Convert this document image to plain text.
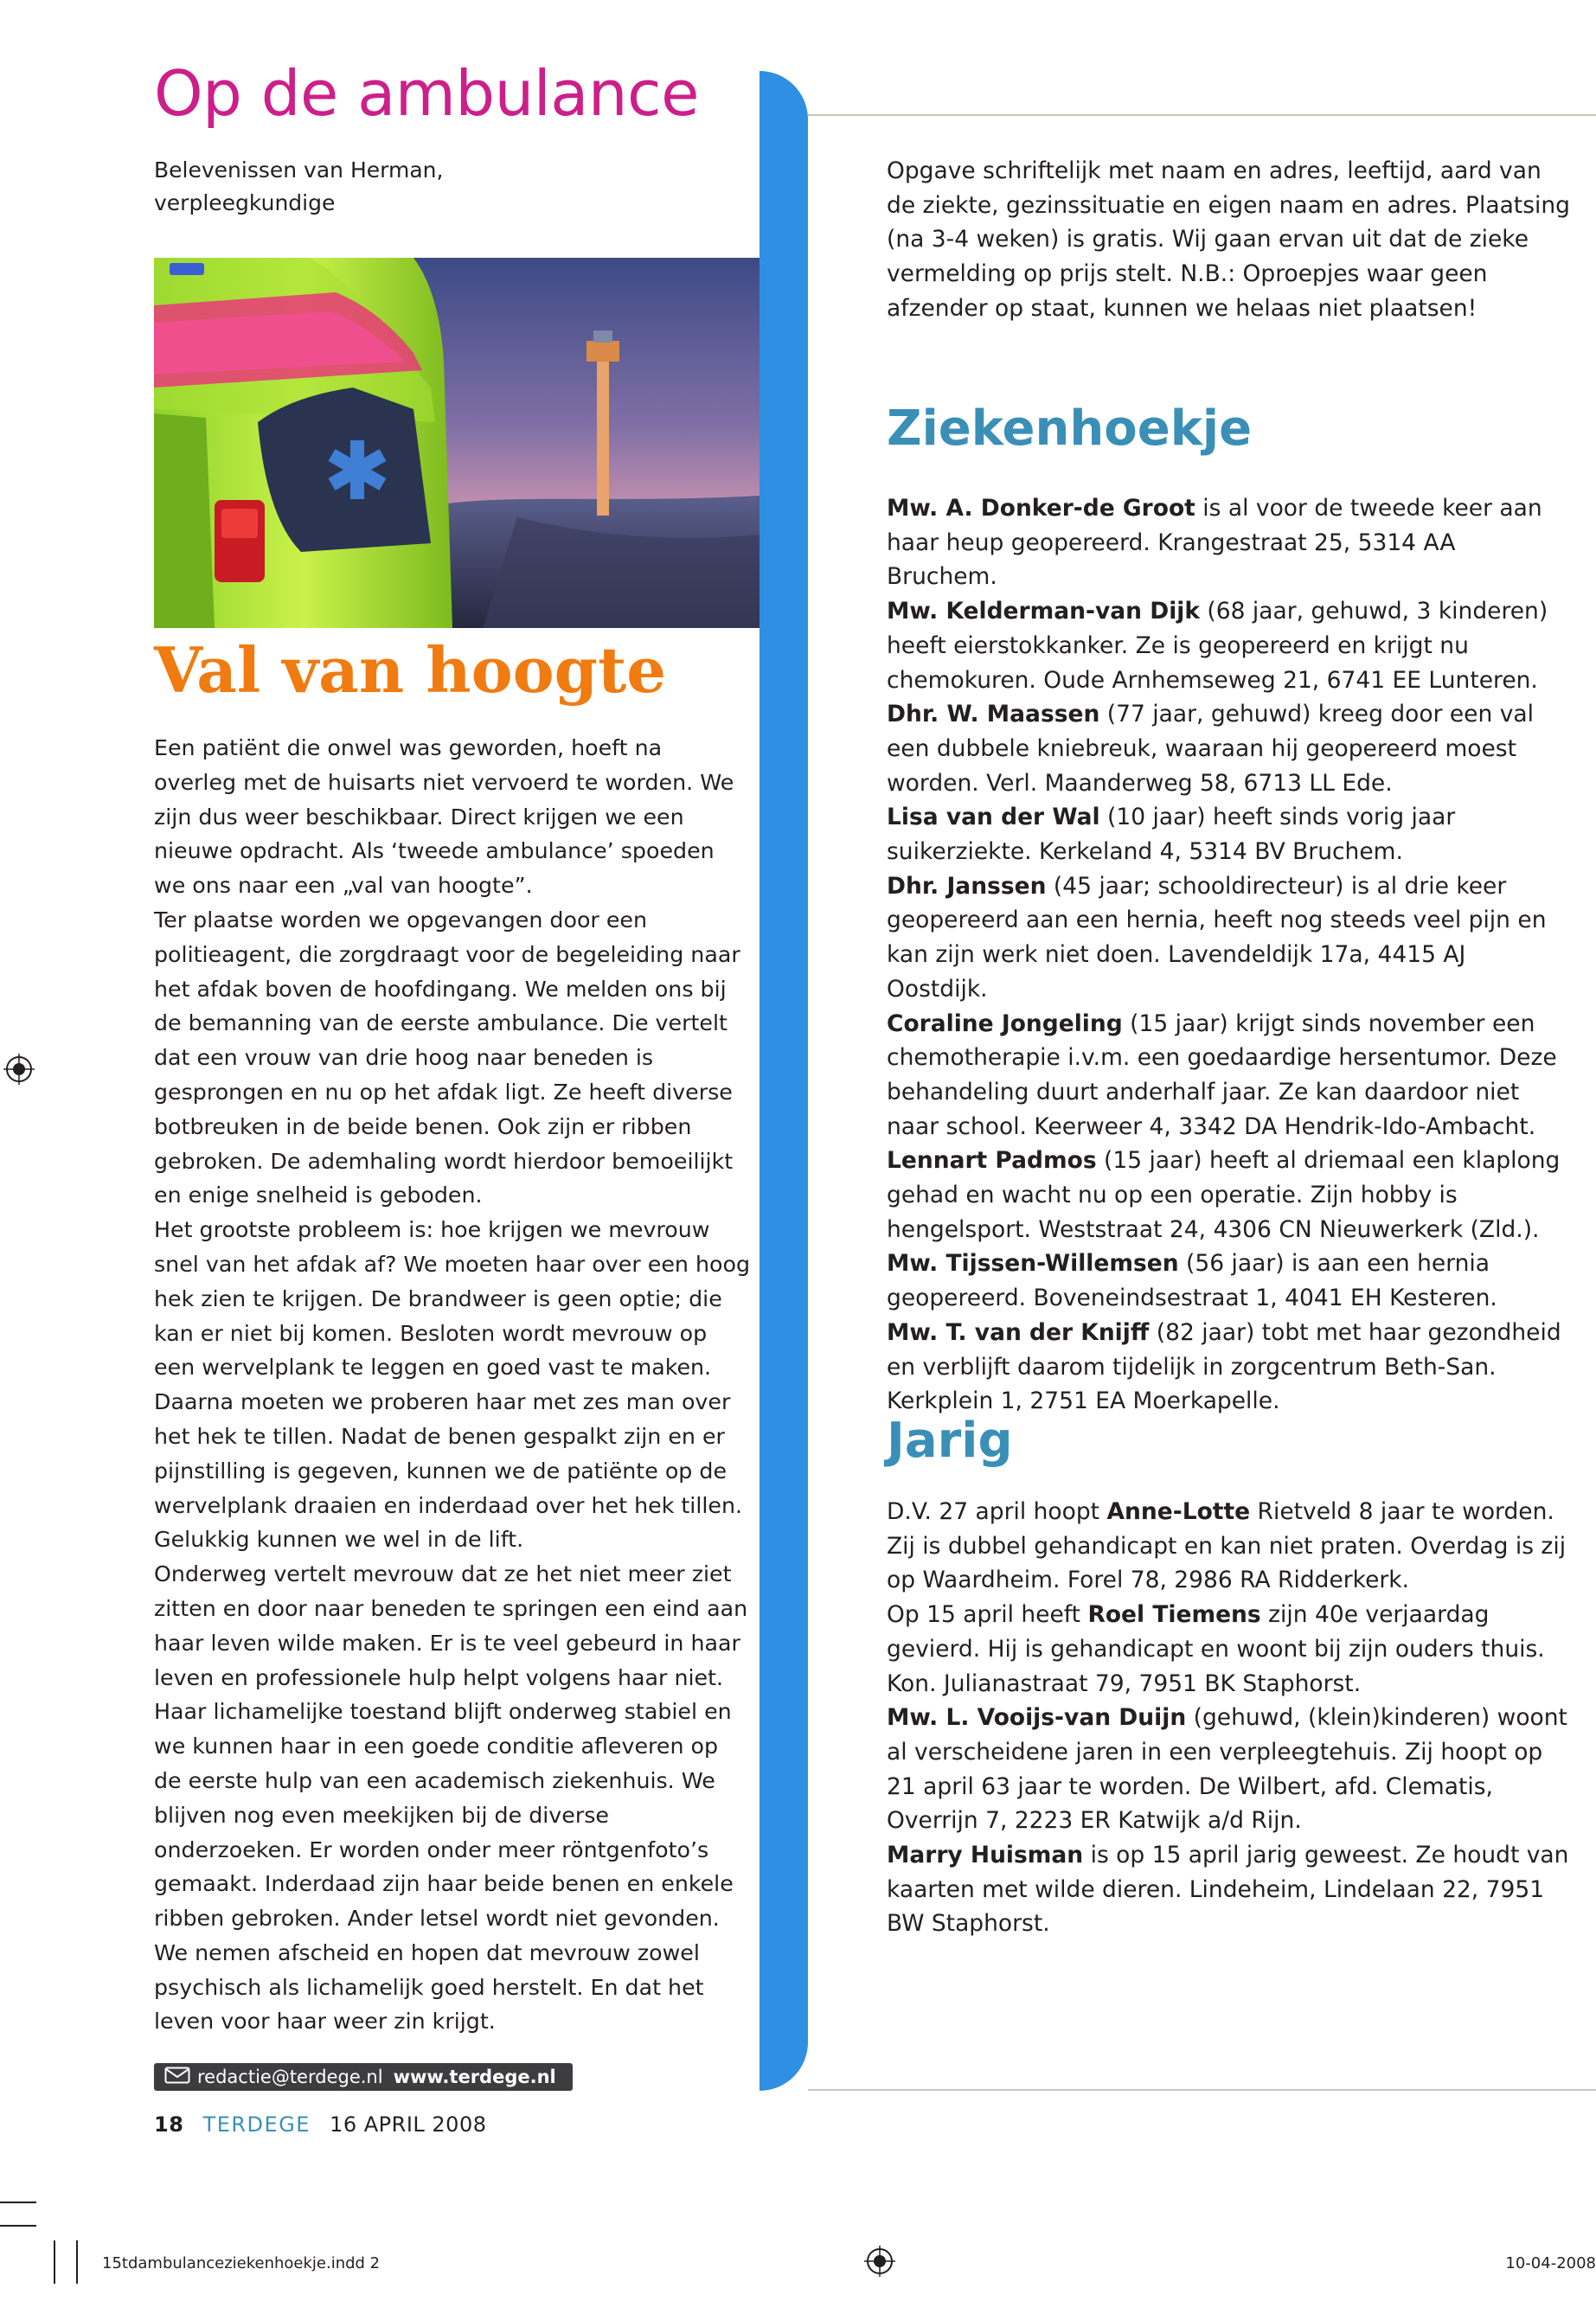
Op de ambulance
Belevenissen van Herman,
verpleegkundige
Val van hoogte

Een patiënt die onwel was geworden, hoeft na overleg met de huisarts niet vervoerd te worden. We zijn dus weer beschikbaar. Direct krijgen we een nieuwe opdracht. Als ‘tweede ambulance’ spoeden we ons naar een „val van hoogte”.

Ter plaatse worden we opgevangen door een politieagent, die zorgdraagt voor de begeleiding naar het afdak boven de hoofdingang. We melden ons bij de bemanning van de eerste ambulance. Die vertelt dat een vrouw van drie hoog naar beneden is gesprongen en nu op het afdak ligt. Ze heeft diverse botbreuken in de beide benen. Ook zijn er ribben gebroken. De ademhaling wordt hierdoor bemoeilijkt en enige snelheid is geboden.

Het grootste probleem is: hoe krijgen we mevrouw snel van het afdak af? We moeten haar over een hoog hek zien te krijgen. De brandweer is geen optie; die kan er niet bij komen. Besloten wordt mevrouw op een wervelplank te leggen en goed vast te maken. Daarna moeten we proberen haar met zes man over het hek te tillen. Nadat de benen gespalkt zijn en er pijnstilling is gegeven, kunnen we de patiënte op de wervelplank draaien en inderdaad over het hek tillen. Gelukkig kunnen we wel in de lift.

Onderweg vertelt mevrouw dat ze het niet meer ziet zitten en door naar beneden te springen een eind aan haar leven wilde maken. Er is te veel gebeurd in haar leven en professionele hulp helpt volgens haar niet. Haar lichamelijke toestand blijft onderweg stabiel en we kunnen haar in een goede conditie afleveren op de eerste hulp van een academisch ziekenhuis. We blijven nog even meekijken bij de diverse onderzoeken. Er worden onder meer röntgenfoto’s gemaakt. Inderdaad zijn haar beide benen en enkele ribben gebroken. Ander letsel wordt niet gevonden. We nemen afscheid en hopen dat mevrouw zowel psychisch als lichamelijk goed herstelt. En dat het leven voor haar weer zin krijgt.

redactie@terdege.nl www.terdege.nl
18 TERDEGE 16 APRIL 2008
Opgave schriftelijk met naam en adres, leeftijd, aard van de ziekte, gezinssituatie en eigen naam en adres. Plaatsing (na 3-4 weken) is gratis. Wij gaan ervan uit dat de zieke vermelding op prijs stelt. N.B.: Oproepjes waar geen afzender op staat, kunnen we helaas niet plaatsen!
Ziekenhoekje

Mw. A. Donker-de Groot is al voor de tweede keer aan haar heup geopereerd. Krangestraat 25, 5314 AA Bruchem.

Mw. Kelderman-van Dijk (68 jaar, gehuwd, 3 kinderen) heeft eierstokkanker. Ze is geopereerd en krijgt nu chemokuren. Oude Arnhemseweg 21, 6741 EE Lunteren.

Dhr. W. Maassen (77 jaar, gehuwd) kreeg door een val een dubbele kniebreuk, waaraan hij geopereerd moest worden. Verl. Maanderweg 58, 6713 LL Ede.

Lisa van der Wal (10 jaar) heeft sinds vorig jaar suikerziekte. Kerkeland 4, 5314 BV Bruchem.

Dhr. Janssen (45 jaar; schooldirecteur) is al drie keer geopereerd aan een hernia, heeft nog steeds veel pijn en kan zijn werk niet doen. Lavendeldijk 17a, 4415 AJ Oostdijk.

Coraline Jongeling (15 jaar) krijgt sinds november een chemotherapie i.v.m. een goedaardige hersentumor. Deze behandeling duurt anderhalf jaar. Ze kan daardoor niet naar school. Keerweer 4, 3342 DA Hendrik-Ido-Ambacht.

Lennart Padmos (15 jaar) heeft al driemaal een klaplong gehad en wacht nu op een operatie. Zijn hobby is hengelsport. Weststraat 24, 4306 CN Nieuwerkerk (Zld.).

Mw. Tijssen-Willemsen (56 jaar) is aan een hernia geopereerd. Boveneindsestraat 1, 4041 EH Kesteren.

Mw. T. van der Knijff (82 jaar) tobt met haar gezondheid en verblijft daarom tijdelijk in zorgcentrum Beth-San. Kerkplein 1, 2751 EA Moerkapelle.

Jarig

D.V. 27 april hoopt Anne-Lotte Rietveld 8 jaar te worden. Zij is dubbel gehandicapt en kan niet praten. Overdag is zij op Waardheim. Forel 78, 2986 RA Ridderkerk.

Op 15 april heeft Roel Tiemens zijn 40e verjaardag gevierd. Hij is gehandicapt en woont bij zijn ouders thuis. Kon. Julianastraat 79, 7951 BK Staphorst.

Mw. L. Vooijs-van Duijn (gehuwd, (klein)kinderen) woont al verscheidene jaren in een verpleegtehuis. Zij hoopt op 21 april 63 jaar te worden. De Wilbert, afd. Clematis, Overrijn 7, 2223 ER Katwijk a/d Rijn.

Marry Huisman is op 15 april jarig geweest. Ze houdt van kaarten met wilde dieren. Lindeheim, Lindelaan 22, 7951 BW Staphorst.

15tdambulanceziekenhoekje.indd 2	10-04-2008
